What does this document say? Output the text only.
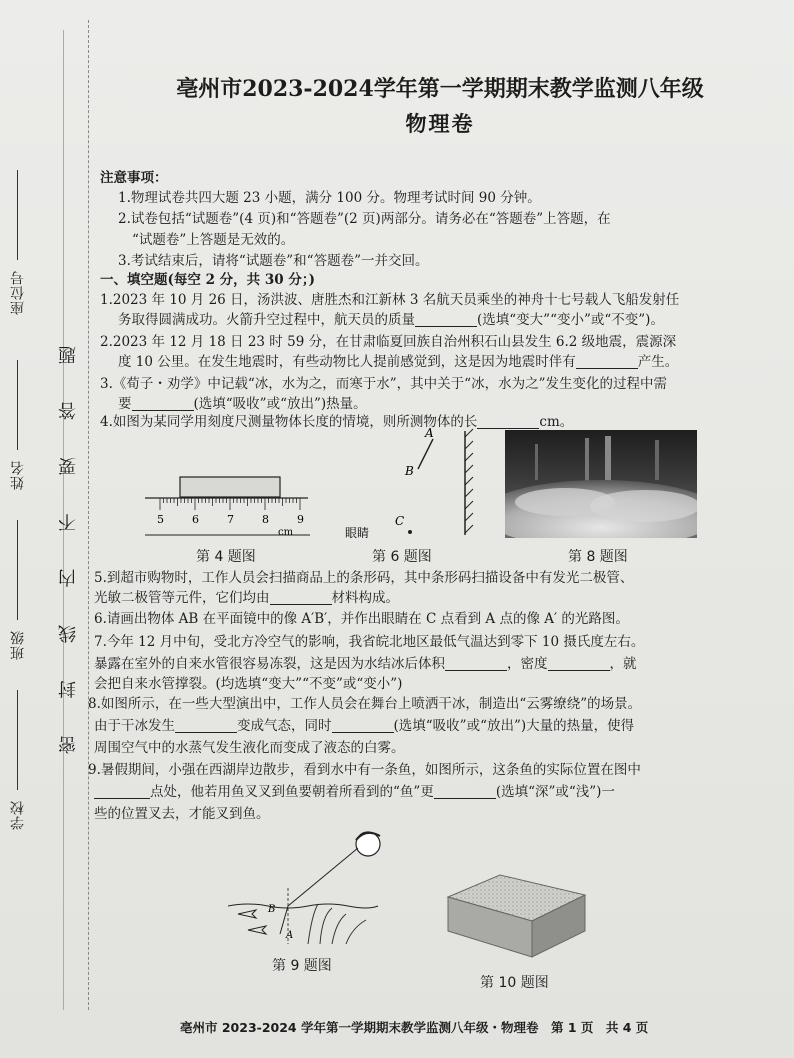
学校
班级
姓名
座位号
密 封 线 内 不 要 答 题
亳州市2023-2024学年第一学期期末教学监测八年级
物理卷
注意事项：
1.物理试卷共四大题 23 小题，满分 100 分。物理考试时间 90 分钟。
2.试卷包括“试题卷”(4 页)和“答题卷”(2 页)两部分。请务必在“答题卷”上答题，在
“试题卷”上答题是无效的。
3.考试结束后，请将“试题卷”和“答题卷”一并交回。
一、填空题(每空 2 分，共 30 分；)
1.2023 年 10 月 26 日，汤洪波、唐胜杰和江新林 3 名航天员乘坐的神舟十七号载人飞船发射任
务取得圆满成功。火箭升空过程中，航天员的质量	(选填“变大”“变小”或“不变”)。
2.2023 年 12 月 18 日 23 时 59 分，在甘肃临夏回族自治州积石山县发生 6.2 级地震，震源深
度 10 公里。在发生地震时，有些动物比人提前感觉到，这是因为地震时伴有	产生。
3.《荀子・劝学》中记载“冰，水为之，而寒于水”，其中关于“冰，水为之”发生变化的过程中需
要	(选填“吸收”或“放出”)热量。
4.如图为某同学用刻度尺测量物体长度的情境，则所测物体的长	cm。
5	6	7	8	9
A
B
C
眼睛
cm
第 4 题图	第 6 题图	第 8 题图
5.到超市购物时，工作人员会扫描商品上的条形码，其中条形码扫描设备中有发光二极管、
光敏二极管等元件，它们均由	材料构成。
6.请画出物体 AB 在平面镜中的像 A′B′，并作出眼睛在 C 点看到 A 点的像 A′ 的光路图。
7.今年 12 月中旬，受北方冷空气的影响，我省皖北地区最低气温达到零下 10 摄氏度左右。
暴露在室外的自来水管很容易冻裂，这是因为水结冰后体积	，密度	，就
会把自来水管撑裂。(均选填“变大”“不变”或“变小”)
8.如图所示，在一些大型演出中，工作人员会在舞台上喷洒干冰，制造出“云雾缭绕”的场景。
由于干冰发生	变成气态，同时	(选填“吸收”或“放出”)大量的热量，使得
周围空气中的水蒸气发生液化而变成了液态的白雾。
9.暑假期间，小强在西湖岸边散步，看到水中有一条鱼，如图所示，这条鱼的实际位置在图中
点处，他若用鱼叉叉到鱼要朝着所看到的“鱼”更	(选填“深”或“浅”)一
些的位置叉去，才能叉到鱼。
B
A
第 9 题图
第 10 题图
亳州市 2023-2024 学年第一学期期末教学监测八年级・物理卷　第 1 页　共 4 页
